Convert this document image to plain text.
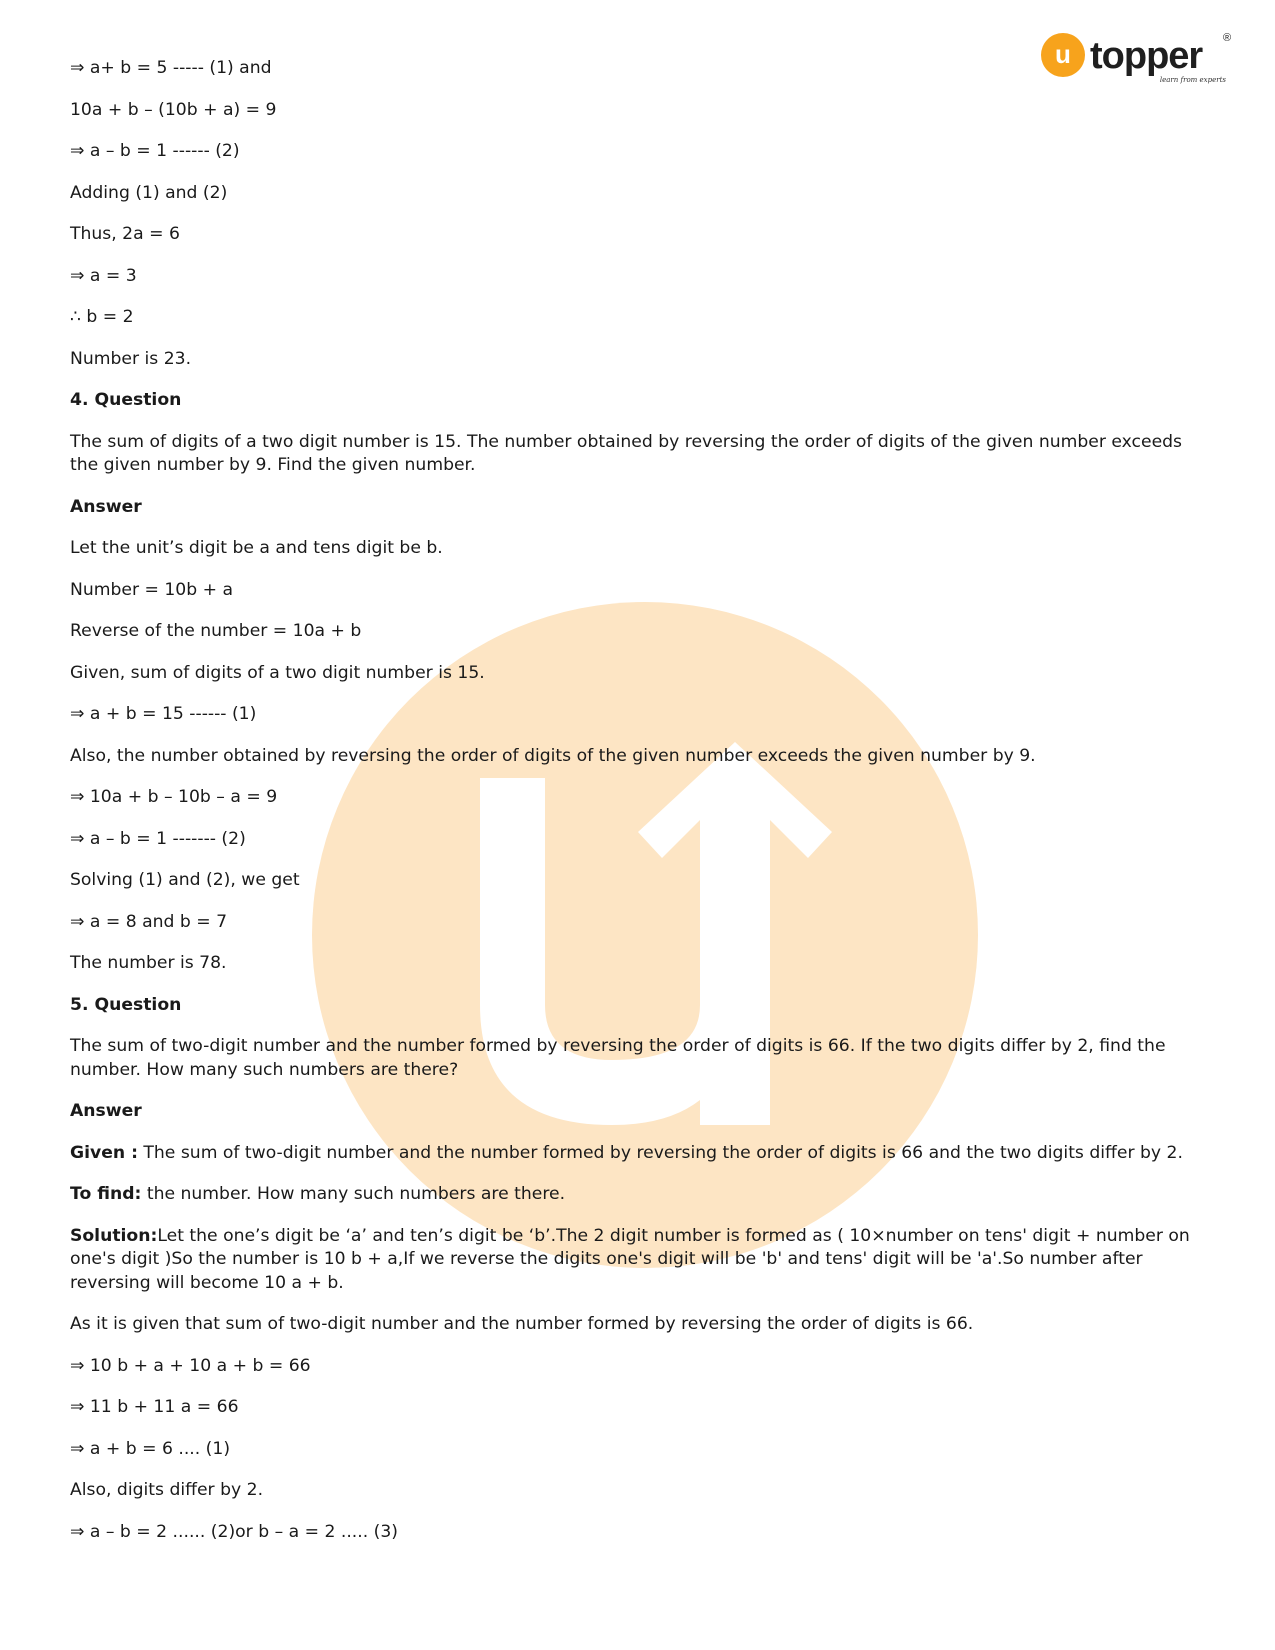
u topper ®
learn from experts

⇒ a+ b = 5 ----- (1) and

10a + b – (10b + a) = 9

⇒ a – b = 1 ------ (2)

Adding (1) and (2)

Thus, 2a = 6

⇒ a = 3

∴ b = 2

Number is 23.

4. Question

The sum of digits of a two digit number is 15. The number obtained by reversing the order of digits of the given number exceeds the given number by 9. Find the given number.

Answer

Let the unit’s digit be a and tens digit be b.

Number = 10b + a

Reverse of the number = 10a + b

Given, sum of digits of a two digit number is 15.

⇒ a + b = 15 ------ (1)

Also, the number obtained by reversing the order of digits of the given number exceeds the given number by 9.

⇒ 10a + b – 10b – a = 9

⇒ a – b = 1 ------- (2)

Solving (1) and (2), we get

⇒ a = 8 and b = 7

The number is 78.

5. Question

The sum of two-digit number and the number formed by reversing the order of digits is 66. If the two digits differ by 2, find the number. How many such numbers are there?

Answer

Given : The sum of two-digit number and the number formed by reversing the order of digits is 66 and the two digits differ by 2.

To find: the number. How many such numbers are there.

Solution:Let the one’s digit be ‘a’ and ten’s digit be ‘b’.The 2 digit number is formed as ( 10×number on tens' digit + number on one's digit )So the number is 10 b + a,If we reverse the digits one's digit will be 'b' and tens' digit will be 'a'.So number after reversing will become 10 a + b.

As it is given that sum of two-digit number and the number formed by reversing the order of digits is 66.

⇒ 10 b + a + 10 a + b = 66

⇒ 11 b + 11 a = 66

⇒ a + b = 6 .... (1)

Also, digits differ by 2.

⇒ a – b = 2 ...... (2)or b – a = 2 ..... (3)
